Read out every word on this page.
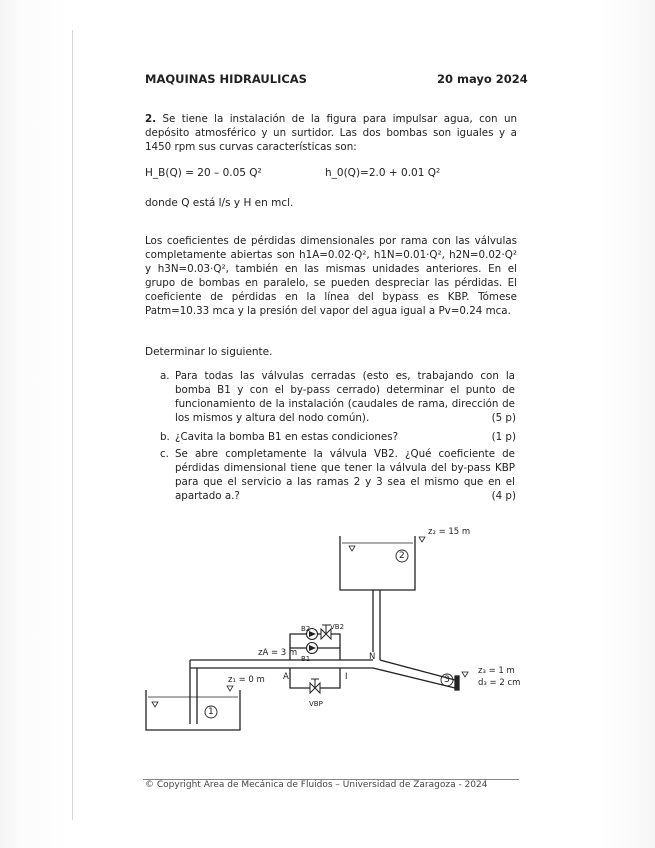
MAQUINAS HIDRAULICAS	20 mayo 2024
2. Se tiene la instalación de la figura para impulsar agua, con un depósito atmosférico y un surtidor. Las dos bombas son iguales y a 1450 rpm sus curvas características son:
H_B(Q) = 20 – 0.05 Q²	h_0(Q)=2.0 + 0.01 Q²
donde Q está l/s y H en mcl.
Los coeficientes de pérdidas dimensionales por rama con las válvulas completamente abiertas son h1A=0.02·Q², h1N=0.01·Q², h2N=0.02·Q² y h3N=0.03·Q², también en las mismas unidades anteriores. En el grupo de bombas en paralelo, se pueden despreciar las pérdidas. El coeficiente de pérdidas en la línea del bypass es KBP. Tómese Patm=10.33 mca y la presión del vapor del agua igual a Pv=0.24 mca.
Determinar lo siguiente.
a. Para todas las válvulas cerradas (esto es, trabajando con la bomba B1 y con el by-pass cerrado) determinar el punto de funcionamiento de la instalación (caudales de rama, dirección de los mismos y altura del nodo común).	(5 p)
b. ¿Cavita la bomba B1 en estas condiciones?	(1 p)
c. Se abre completamente la válvula VB2. ¿Qué coeficiente de pérdidas dimensional tiene que tener la válvula del by-pass KBP para que el servicio a las ramas 2 y 3 sea el mismo que en el apartado a.?	(4 p)
2
1
3
z₂ = 15 m
zA = 3 m
z₁ = 0 m
z₃ = 1 m
d₃ = 2 cm
A
N
I
B2
B1
VB2
VBP
© Copyright Area de Mecánica de Fluidos – Universidad de Zaragoza - 2024
